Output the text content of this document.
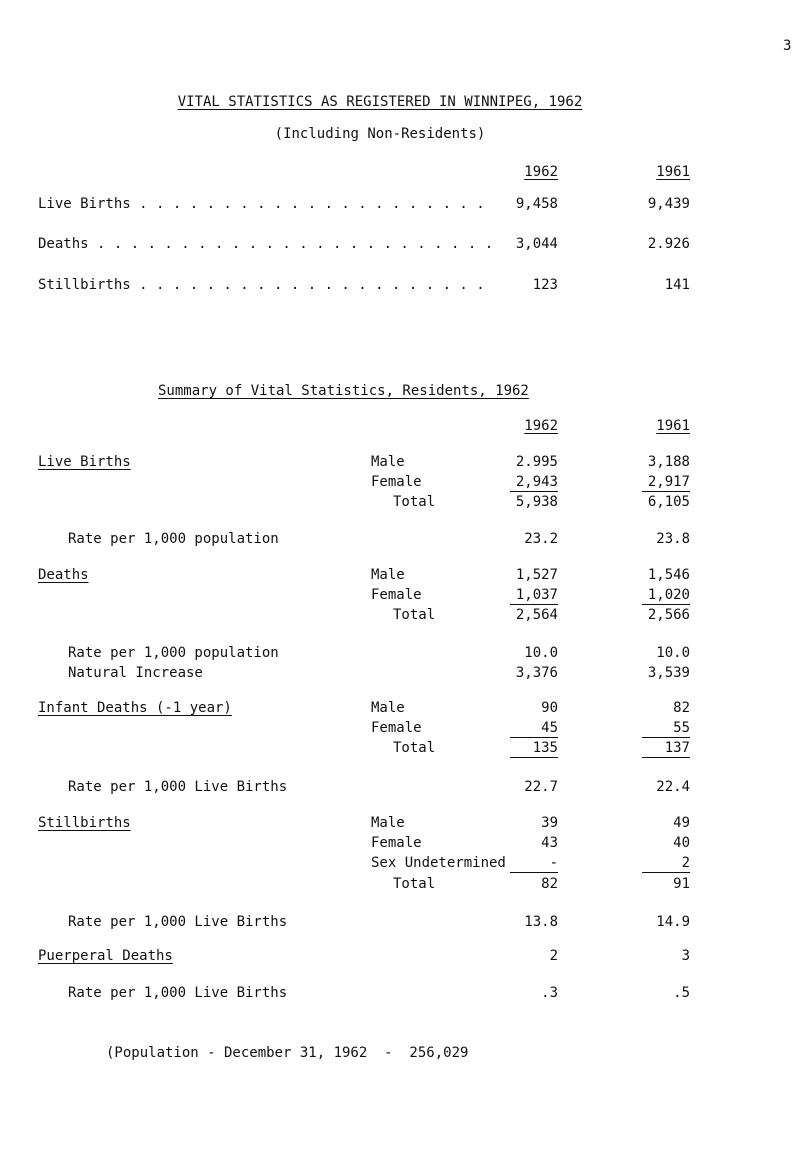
3
VITAL STATISTICS AS REGISTERED IN WINNIPEG, 1962
(Including Non-Residents)
1962	1961
Live Births . . . . . . . . . . . . . . . . . . . . .	9,458	9,439
Deaths . . . . . . . . . . . . . . . . . . . . . . . .	3,044	2.926
Stillbirths . . . . . . . . . . . . . . . . . . . . .	123	141
Summary of Vital Statistics, Residents, 1962
1962	1961
Live Births	Male	2.995	3,188
Female	2,943	2,917
Total	5,938	6,105
Rate per 1,000 population	23.2	23.8
Deaths	Male	1,527	1,546
Female	1,037	1,020
Total	2,564	2,566
Rate per 1,000 population	10.0	10.0
Natural Increase	3,376	3,539
Infant Deaths (-1 year)	Male	90	82
Female	45	55
Total	135	137
Rate per 1,000 Live Births	22.7	22.4
Stillbirths	Male	39	49
Female	43	40
Sex Undetermined	-	2
Total	82	91
Rate per 1,000 Live Births	13.8	14.9
Puerperal Deaths	2	3
Rate per 1,000 Live Births	.3	.5
(Population - December 31, 1962  -  256,029
